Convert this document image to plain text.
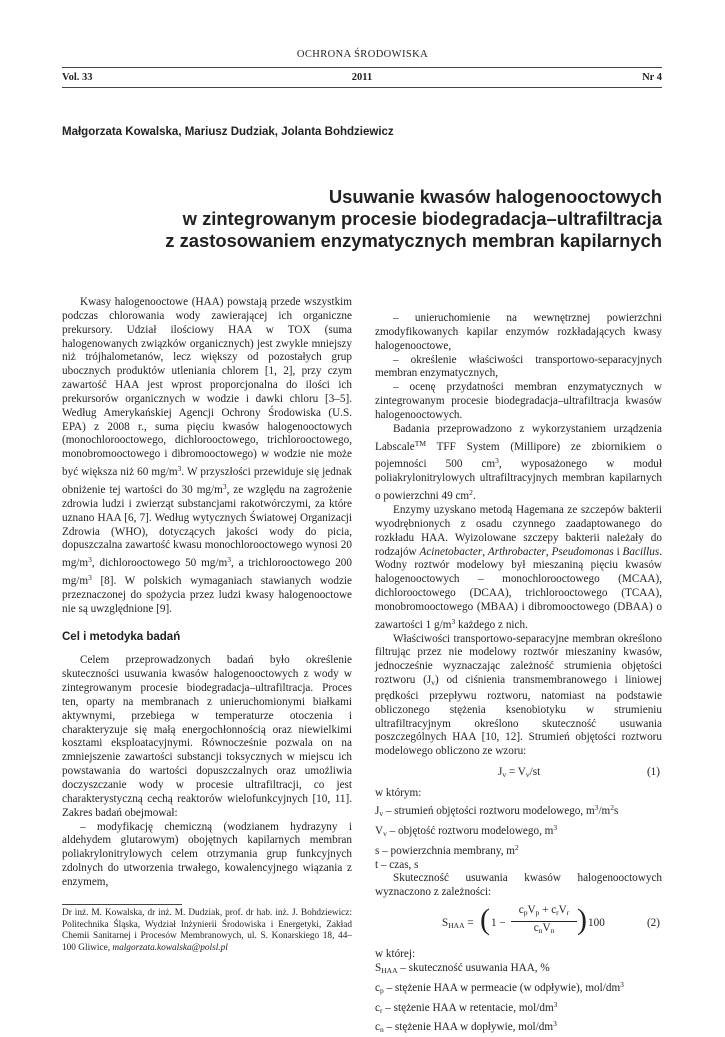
OCHRONA ŚRODOWISKA
Vol. 33	2011	Nr 4
Małgorzata Kowalska, Mariusz Dudziak, Jolanta Bohdziewicz
Usuwanie kwasów halogenooctowych
w zintegrowanym procesie biodegradacja–ultrafiltracja
z zastosowaniem enzymatycznych membran kapilarnych

Kwasy halogenooctowe (HAA) powstają przede wszystkim podczas chlorowania wody zawierającej ich organiczne prekursory. Udział ilościowy HAA w TOX (suma halogenowanych związków organicznych) jest zwykle mniejszy niż trójhalometanów, lecz większy od pozostałych grup ubocznych produktów utleniania chlorem [1, 2], przy czym zawartość HAA jest wprost proporcjonalna do ilości ich prekursorów organicznych w wodzie i dawki chloru [3–5]. Według Amerykańskiej Agencji Ochrony Środowiska (U.S. EPA) z 2008 r., suma pięciu kwasów halogenooctowych (monochlorooctowego, dichlorooctowego, trichlorooctowego, monobromooctowego i dibromooctowego) w wodzie nie może być większa niż 60 $mg/m^3$. W przyszłości przewiduje się jednak obniżenie tej wartości do 30 $mg/m^3$, ze względu na zagrożenie zdrowia ludzi i zwierząt substancjami rakotwórczymi, za które uznano HAA [6, 7]. Według wytycznych Światowej Organizacji Zdrowia (WHO), dotyczących jakości wody do picia, dopuszczalna zawartość kwasu monochlorooctowego wynosi 20 $mg/m^3$, dichlorooctowego 50 $mg/m^3$, a trichlorooctowego 200 $mg/m^3$ [8]. W polskich wymaganiach stawianych wodzie przeznaczonej do spożycia przez ludzi kwasy halogenooctowe nie są uwzględnione [9].

Cel i metodyka badań

Celem przeprowadzonych badań było określenie skuteczności usuwania kwasów halogenooctowych z wody w zintegrowanym procesie biodegradacja–ultrafiltracja. Proces ten, oparty na membranach z unieruchomionymi białkami aktywnymi, przebiega w temperaturze otoczenia i charakteryzuje się małą energochłonnością oraz niewielkimi kosztami eksploatacyjnymi. Równocześnie pozwala on na zmniejszenie zawartości substancji toksycznych w miejscu ich powstawania do wartości dopuszczalnych oraz umożliwia doczyszczanie wody w procesie ultrafiltracji, co jest charakterystyczną cechą reaktorów wielofunkcyjnych [10, 11]. Zakres badań obejmował:

– modyfikację chemiczną (wodzianem hydrazyny i aldehydem glutarowym) obojętnych kapilarnych membran poliakrylonitrylowych celem otrzymania grup funkcyjnych zdolnych do utworzenia trwałego, kowalencyjnego wiązania z enzymem,

– unieruchomienie na wewnętrznej powierzchni zmodyfikowanych kapilar enzymów rozkładających kwasy halogenooctowe,

– określenie właściwości transportowo-separacyjnych membran enzymatycznych,

– ocenę przydatności membran enzymatycznych w zintegrowanym procesie biodegradacja–ultrafiltracja kwasów halogenooctowych.

Badania przeprowadzono z wykorzystaniem urządzenia Labscale™ TFF System (Millipore) ze zbiornikiem o pojemności 500 $cm^3$, wyposażonego w moduł poliakrylonitrylowych ultrafiltracyjnych membran kapilarnych o powierzchni 49 $cm^2$.

Enzymy uzyskano metodą Hagemana ze szczepów bakterii wyodrębnionych z osadu czynnego zaadaptowanego do rozkładu HAA. Wyizolowane szczepy bakterii należały do rodzajów Acinetobacter, Arthrobacter, Pseudomonas i Bacillus. Wodny roztwór modelowy był mieszaniną pięciu kwasów halogenooctowych – monochlorooctowego (MCAA), dichlorooctowego (DCAA), trichlorooctowego (TCAA), monobromooctowego (MBAA) i dibromooctowego (DBAA) o zawartości 1 $g/m^3$ każdego z nich.

Właściwości transportowo-separacyjne membran określono filtrując przez nie modelowy roztwór mieszaniny kwasów, jednocześnie wyznaczając zależność strumienia objętości roztworu $(J_v)$ od ciśnienia transmembranowego i liniowej prędkości przepływu roztworu, natomiast na podstawie obliczonego stężenia ksenobiotyku w strumieniu ultrafiltracyjnym określono skuteczność usuwania poszczególnych HAA [10, 12]. Strumień objętości roztworu modelowego obliczono ze wzoru:

$J_v = V_v/st$	(1)

w którym:

$J_v$ – strumień objętości roztworu modelowego, $m^3/m^2s$

$V_v$ – objętość roztworu modelowego, $m^3$

s – powierzchnia membrany, $m^2$

t – czas, s

Skuteczność usuwania kwasów halogenooctowych wyznaczono z zależności:

$S_{HAA}$ = ( 1 −
$c_pV_p + c_rV_r$
$c_nV_n$ ) 100	(2)

w której:

$S_{HAA}$ – skuteczność usuwania HAA, %

$c_p$ – stężenie HAA w permeacie (w odpływie), mol/$dm^3$

$c_r$ – stężenie HAA w retentacie, mol/$dm^3$

$c_n$ – stężenie HAA w dopływie, mol/$dm^3$

Dr inż. M. Kowalska, dr inż. M. Dudziak, prof. dr hab. inż. J. Bohdziewicz: Politechnika Śląska, Wydział Inżynierii Środowiska i Energetyki, Zakład Chemii Sanitarnej i Procesów Membranowych, ul. S. Konarskiego 18, 44–100 Gliwice, malgorzata.kowalska@polsl.pl
